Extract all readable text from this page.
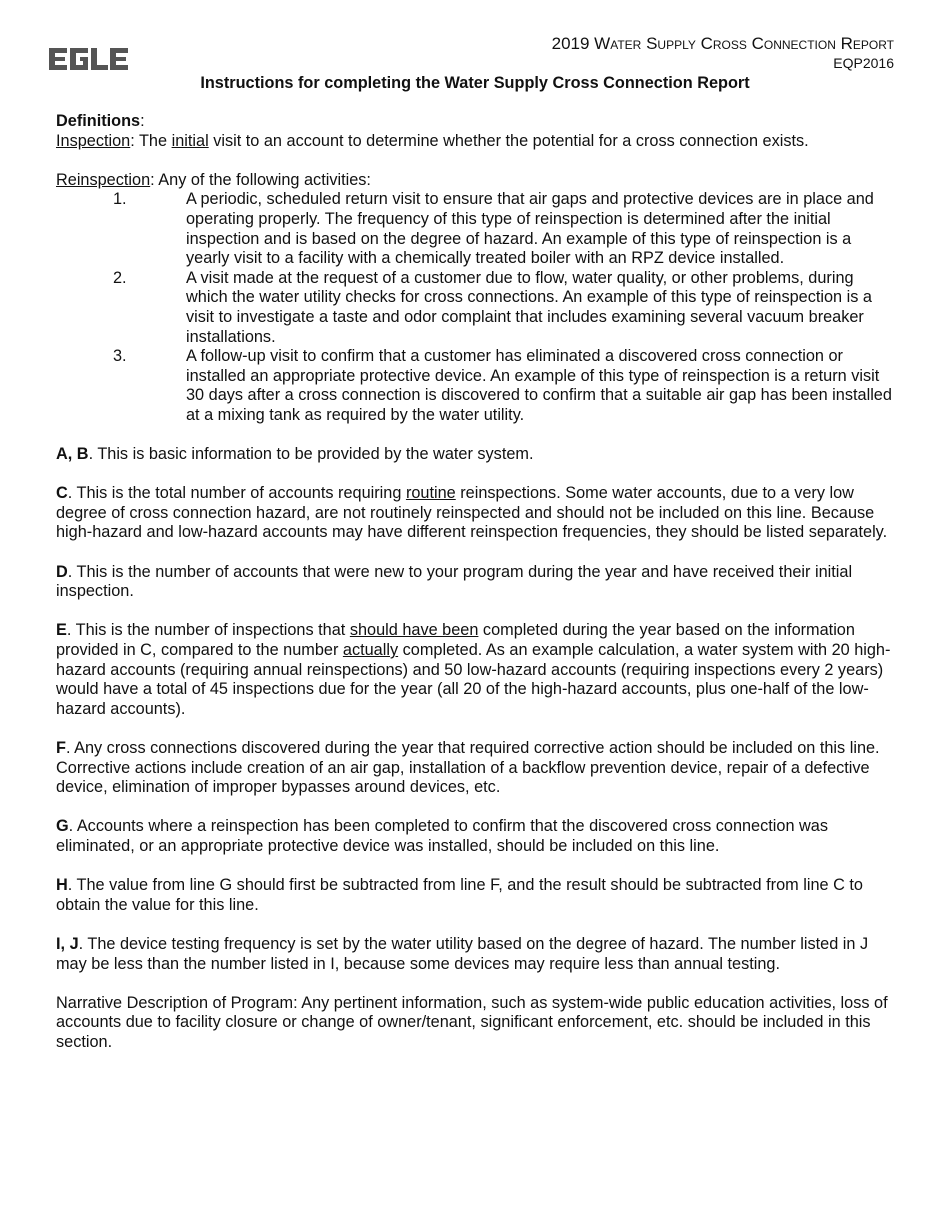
2019 Water Supply Cross Connection Report
EQP2016
Instructions for completing the Water Supply Cross Connection Report

Definitions:

Inspection: The initial visit to an account to determine whether the potential for a cross connection exists.

Reinspection: Any of the following activities:

1.	A periodic, scheduled return visit to ensure that air gaps and protective devices are in place and operating properly. The frequency of this type of reinspection is determined after the initial inspection and is based on the degree of hazard. An example of this type of reinspection is a yearly visit to a facility with a chemically treated boiler with an RPZ device installed.
2.	A visit made at the request of a customer due to flow, water quality, or other problems, during which the water utility checks for cross connections. An example of this type of reinspection is a visit to investigate a taste and odor complaint that includes examining several vacuum breaker installations.
3.	A follow-up visit to confirm that a customer has eliminated a discovered cross connection or installed an appropriate protective device. An example of this type of reinspection is a return visit 30 days after a cross connection is discovered to confirm that a suitable air gap has been installed at a mixing tank as required by the water utility.

A, B. This is basic information to be provided by the water system.

C. This is the total number of accounts requiring routine reinspections. Some water accounts, due to a very low degree of cross connection hazard, are not routinely reinspected and should not be included on this line. Because high-hazard and low-hazard accounts may have different reinspection frequencies, they should be listed separately.

D. This is the number of accounts that were new to your program during the year and have received their initial inspection.

E. This is the number of inspections that should have been completed during the year based on the information provided in C, compared to the number actually completed. As an example calculation, a water system with 20 high-hazard accounts (requiring annual reinspections) and 50 low-hazard accounts (requiring inspections every 2 years) would have a total of 45 inspections due for the year (all 20 of the high-hazard accounts, plus one-half of the low-hazard accounts).

F. Any cross connections discovered during the year that required corrective action should be included on this line. Corrective actions include creation of an air gap, installation of a backflow prevention device, repair of a defective device, elimination of improper bypasses around devices, etc.

G. Accounts where a reinspection has been completed to confirm that the discovered cross connection was eliminated, or an appropriate protective device was installed, should be included on this line.

H. The value from line G should first be subtracted from line F, and the result should be subtracted from line C to obtain the value for this line.

I, J. The device testing frequency is set by the water utility based on the degree of hazard. The number listed in J may be less than the number listed in I, because some devices may require less than annual testing.

Narrative Description of Program: Any pertinent information, such as system-wide public education activities, loss of accounts due to facility closure or change of owner/tenant, significant enforcement, etc. should be included in this section.
